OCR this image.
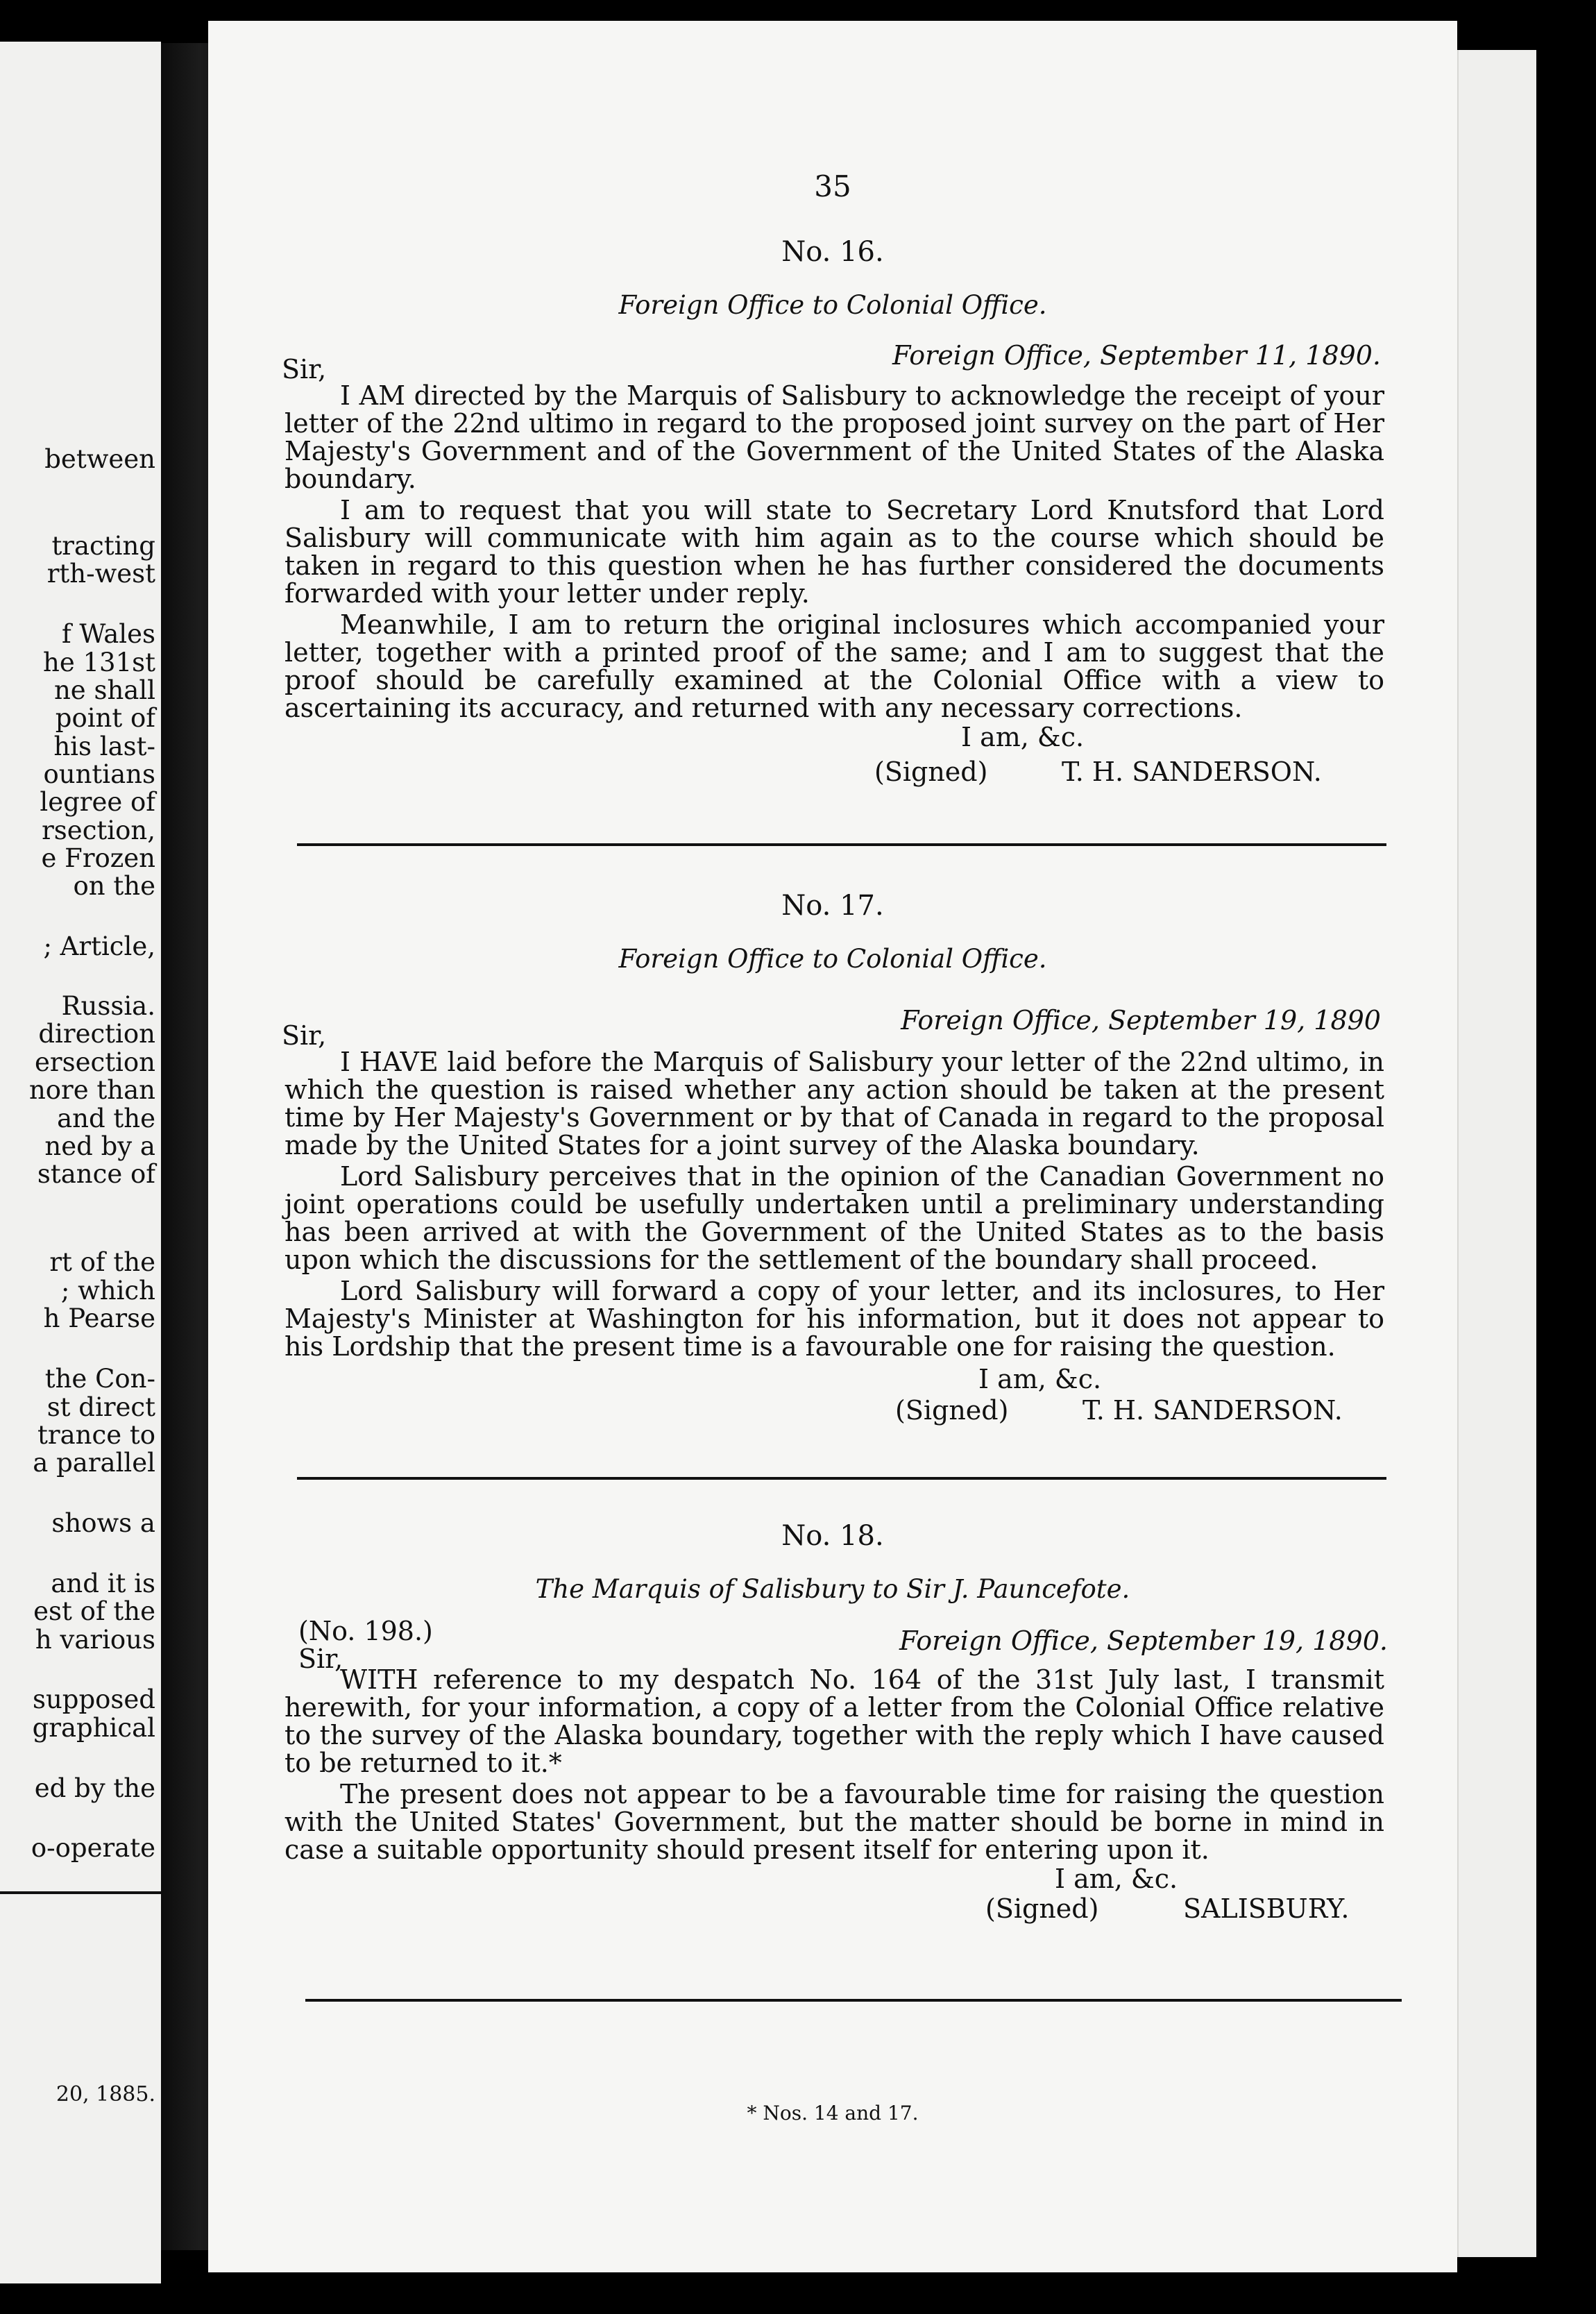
between
tracting
rth-west
f Wales
he 131st
ne shall
point of
his last-
ountians
legree of
rsection,
e Frozen
on the
; Article,
Russia.
direction
ersection
nore than
and the
ned by a
stance of
rt of the
; which
h Pearse
the Con-
st direct
trance to
a parallel
shows a
and it is
est of the
h various
supposed
graphical
ed by the
o-operate
20, 1885.
35
No. 16.
Foreign Office to Colonial Office.
Sir,	Foreign Office, September 11, 1890.
I AM directed by the Marquis of Salisbury to acknowledge the receipt of your letter of the 22nd ultimo in regard to the proposed joint survey on the part of Her Majesty's Government and of the Government of the United States of the Alaska boundary.
I am to request that you will state to Secretary Lord Knutsford that Lord Salisbury will communicate with him again as to the course which should be taken in regard to this question when he has further considered the documents forwarded with your letter under reply.
Meanwhile, I am to return the original inclosures which accompanied your letter, together with a printed proof of the same; and I am to suggest that the proof should be carefully examined at the Colonial Office with a view to ascertaining its accuracy, and returned with any necessary corrections.
I am, &c.
(Signed)	T. H. SANDERSON.
No. 17.
Foreign Office to Colonial Office.
Sir,	Foreign Office, September 19, 1890
I HAVE laid before the Marquis of Salisbury your letter of the 22nd ultimo, in which the question is raised whether any action should be taken at the present time by Her Majesty's Government or by that of Canada in regard to the proposal made by the United States for a joint survey of the Alaska boundary.
Lord Salisbury perceives that in the opinion of the Canadian Government no joint operations could be usefully undertaken until a preliminary understanding has been arrived at with the Government of the United States as to the basis upon which the discussions for the settlement of the boundary shall proceed.
Lord Salisbury will forward a copy of your letter, and its inclosures, to Her Majesty's Minister at Washington for his information, but it does not appear to his Lordship that the present time is a favourable one for raising the question.
I am, &c.
(Signed)	T. H. SANDERSON.
No. 18.
The Marquis of Salisbury to Sir J. Pauncefote.
(No. 198.)
Sir,
Foreign Office, September 19, 1890.
WITH reference to my despatch No. 164 of the 31st July last, I transmit herewith, for your information, a copy of a letter from the Colonial Office relative to the survey of the Alaska boundary, together with the reply which I have caused to be returned to it.*
The present does not appear to be a favourable time for raising the question with the United States' Government, but the matter should be borne in mind in case a suitable opportunity should present itself for entering upon it.
I am, &c.
(Signed)	SALISBURY.
* Nos. 14 and 17.
